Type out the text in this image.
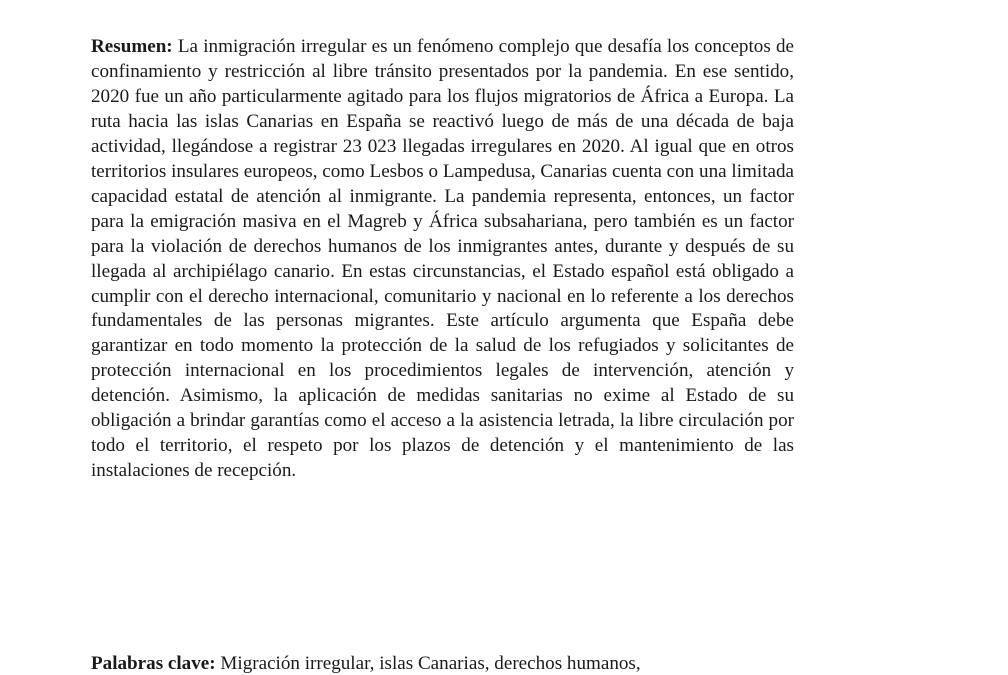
Resumen: La inmigración irregular es un fenómeno complejo que desafía los conceptos de confinamiento y restricción al libre tránsito presentados por la pandemia. En ese sentido, 2020 fue un año particularmente agitado para los flujos migratorios de África a Europa. La ruta hacia las islas Canarias en España se reactivó luego de más de una década de baja actividad, llegándose a registrar 23 023 llegadas irregulares en 2020. Al igual que en otros territorios insulares europeos, como Lesbos o Lampedusa, Canarias cuenta con una limitada capacidad estatal de atención al inmigrante. La pandemia representa, entonces, un factor para la emigración masiva en el Magreb y África subsahariana, pero también es un factor para la violación de derechos humanos de los inmigrantes antes, durante y después de su llegada al archipiélago canario. En estas circunstancias, el Estado español está obligado a cumplir con el derecho internacional, comunitario y nacional en lo referente a los derechos fundamentales de las personas migrantes. Este artículo argumenta que España debe garantizar en todo momento la protección de la salud de los refugiados y solicitantes de protección internacional en los procedimientos legales de intervención, atención y detención. Asimismo, la aplicación de medidas sanitarias no exime al Estado de su obligación a brindar garantías como el acceso a la asistencia letrada, la libre circulación por todo el territorio, el respeto por los plazos de detención y el mantenimiento de las instalaciones de recepción.

Palabras clave: Migración irregular, islas Canarias, derechos humanos,
